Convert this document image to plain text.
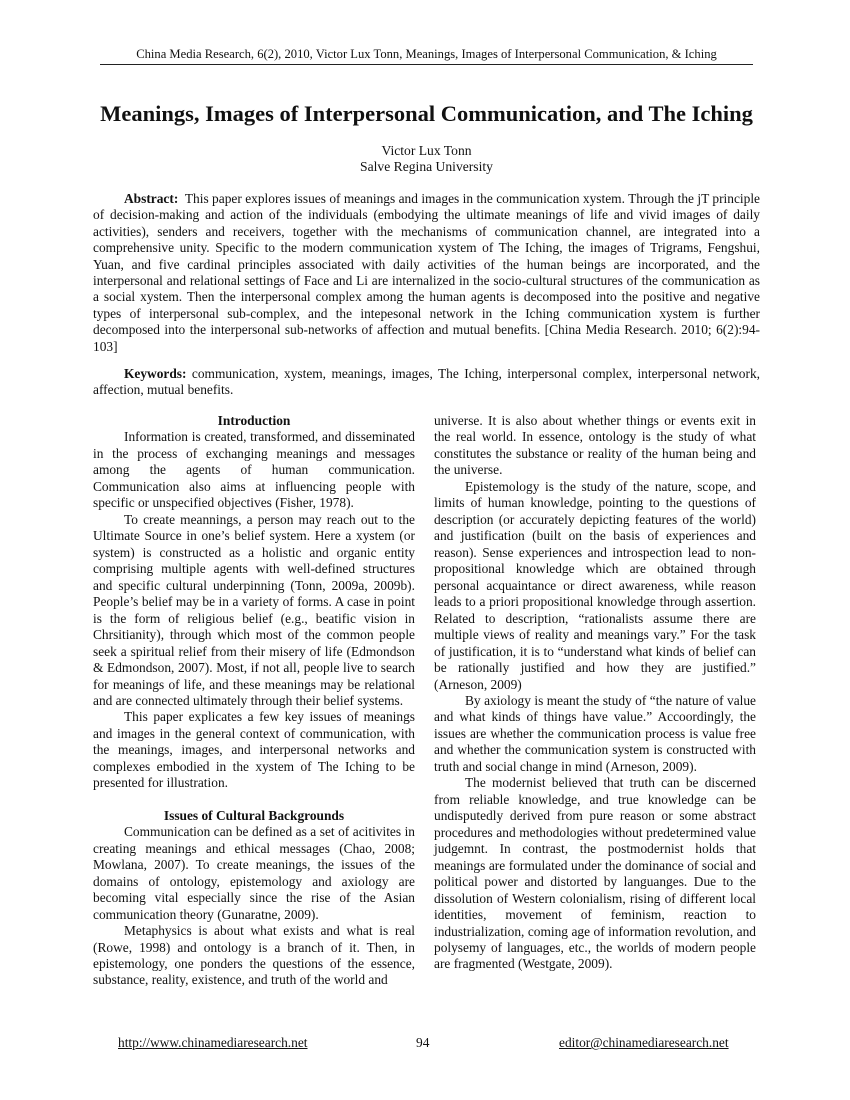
China Media Research, 6(2), 2010, Victor Lux Tonn, Meanings, Images of Interpersonal Communication, & Iching
Meanings, Images of Interpersonal Communication, and The Iching
Victor Lux Tonn
Salve Regina University

Abstract: This paper explores issues of meanings and images in the communication xystem. Through the jT principle of decision-making and action of the individuals (embodying the ultimate meanings of life and vivid images of daily activities), senders and receivers, together with the mechanisms of communication channel, are integrated into a comprehensive unity. Specific to the modern communication xystem of The Iching, the images of Trigrams, Fengshui, Yuan, and five cardinal principles associated with daily activities of the human beings are incorporated, and the interpersonal and relational settings of Face and Li are internalized in the socio-cultural structures of the communication as a social xystem. Then the interpersonal complex among the human agents is decomposed into the positive and negative types of interpersonal sub-complex, and the intepesonal network in the Iching communication xystem is further decomposed into the interpersonal sub-networks of affection and mutual benefits. [China Media Research. 2010; 6(2):94-103]

Keywords: communication, xystem, meanings, images, The Iching, interpersonal complex, interpersonal network, affection, mutual benefits.

Introduction

Information is created, transformed, and disseminated in the process of exchanging meanings and messages among the agents of human communication. Communication also aims at influencing people with specific or unspecified objectives (Fisher, 1978).

To create meannings, a person may reach out to the Ultimate Source in one’s belief system. Here a xystem (or system) is constructed as a holistic and organic entity comprising multiple agents with well-defined structures and specific cultural underpinning (Tonn, 2009a, 2009b). People’s belief may be in a variety of forms. A case in point is the form of religious belief (e.g., beatific vision in Chrsitianity), through which most of the common people seek a spiritual relief from their misery of life (Edmondson & Edmondson, 2007). Most, if not all, people live to search for meanings of life, and these meanings may be relational and are connected ultimately through their belief systems.

This paper explicates a few key issues of meanings and images in the general context of communication, with the meanings, images, and interpersonal networks and complexes embodied in the xystem of The Iching to be presented for illustration.

Issues of Cultural Backgrounds

Communication can be defined as a set of acitivites in creating meanings and ethical messages (Chao, 2008; Mowlana, 2007). To create meanings, the issues of the domains of ontology, epistemology and axiology are becoming vital especially since the rise of the Asian communication theory (Gunaratne, 2009).

Metaphysics is about what exists and what is real (Rowe, 1998) and ontology is a branch of it. Then, in epistemology, one ponders the questions of the essence, substance, reality, existence, and truth of the world and

universe. It is also about whether things or events exit in the real world. In essence, ontology is the study of what constitutes the substance or reality of the human being and the universe.

Epistemology is the study of the nature, scope, and limits of human knowledge, pointing to the questions of description (or accurately depicting features of the world) and justification (built on the basis of experiences and reason). Sense experiences and introspection lead to non-propositional knowledge which are obtained through personal acquaintance or direct awareness, while reason leads to a priori propositional knowledge through assertion. Related to description, “rationalists assume there are multiple views of reality and meanings vary.” For the task of justification, it is to “understand what kinds of belief can be rationally justified and how they are justified.” (Arneson, 2009)

By axiology is meant the study of “the nature of value and what kinds of things have value.” Accoordingly, the issues are whether the communication process is value free and whether the communication system is constructed with truth and social change in mind (Arneson, 2009).

The modernist believed that truth can be discerned from reliable knowledge, and true knowledge can be undisputedly derived from pure reason or some abstract procedures and methodologies without predetermined value judgemnt. In contrast, the postmodernist holds that meanings are formulated under the dominance of social and political power and distorted by languanges. Due to the dissolution of Western colonialism, rising of different local identities, movement of feminism, reaction to industrialization, coming age of information revolution, and polysemy of languages, etc., the worlds of modern people are fragmented (Westgate, 2009).

http://www.chinamediaresearch.net	94	editor@chinamediaresearch.net
